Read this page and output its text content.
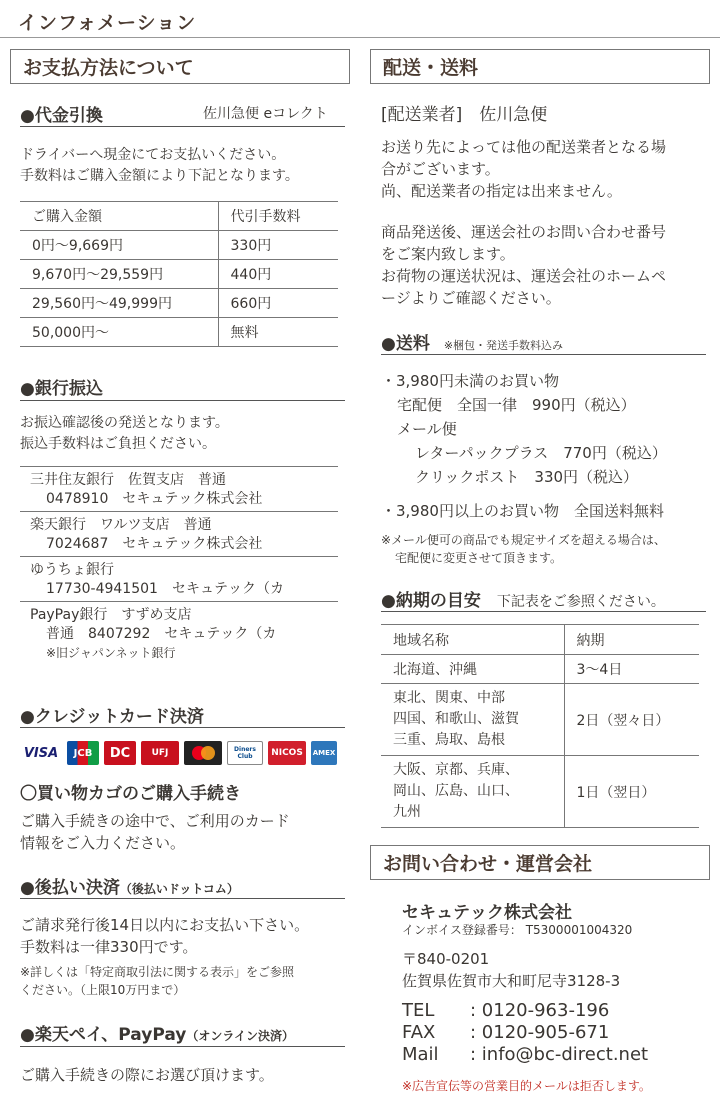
インフォメーション
お支払方法について
●代金引換	佐川急便 eコレクト
ドライバーへ現金にてお支払いください。
手数料はご購入金額により下記となります。
ご購入金額	代引手数料
0円～9,669円	330円
9,670円～29,559円	440円
29,560円～49,999円	660円
50,000円～	無料
●銀行振込
お振込確認後の発送となります。
振込手数料はご負担ください。
三井住友銀行　佐賀支店　普通
0478910　セキュテック株式会社
楽天銀行　ワルツ支店　普通
7024687　セキュテック株式会社
ゆうちょ銀行
17730-4941501　セキュテック（カ
PayPay銀行　すずめ支店
普通　8407292　セキュテック（カ
※旧ジャパンネット銀行
●クレジットカード決済
VISA	JCB	DC	UFJ	Diners Club	NICOS	AMEX
〇買い物カゴのご購入手続き
ご購入手続きの途中で、ご利用のカード
情報をご入力ください。
●後払い決済（後払いドットコム）
ご請求発行後14日以内にお支払い下さい。
手数料は一律330円です。
※詳しくは「特定商取引法に関する表示」をご参照
ください。（上限10万円まで）
●楽天ペイ、PayPay（オンライン決済）
ご購入手続きの際にお選び頂けます。
配送・送料
[配送業者]　佐川急便
お送り先によっては他の配送業者となる場
合がございます。
尚、配送業者の指定は出来ません。
商品発送後、運送会社のお問い合わせ番号
をご案内致します。
お荷物の運送状況は、運送会社のホームペ
ージよりご確認ください。
●送料 ※梱包・発送手数料込み
・3,980円未満のお買い物
宅配便　全国一律　990円（税込）
メール便
レターパックプラス　770円（税込）
クリックポスト　330円（税込）
・3,980円以上のお買い物　全国送料無料
※メール便可の商品でも規定サイズを超える場合は、
宅配便に変更させて頂きます。
●納期の目安 下記表をご参照ください。
地域名称	納期
北海道、沖縄	3～4日

東北、関東、中部
四国、和歌山、滋賀
三重、鳥取、島根	2日（翌々日）

大阪、京都、兵庫、
岡山、広島、山口、
九州	1日（翌日）
お問い合わせ・運営会社
セキュテック株式会社
インボイス登録番号： T5300001004320
〒840-0201
佐賀県佐賀市大和町尼寺3128-3
TEL	: 0120-963-196
FAX	: 0120-905-671
Mail	: info@bc-direct.net
※広告宣伝等の営業目的メールは拒否します。
